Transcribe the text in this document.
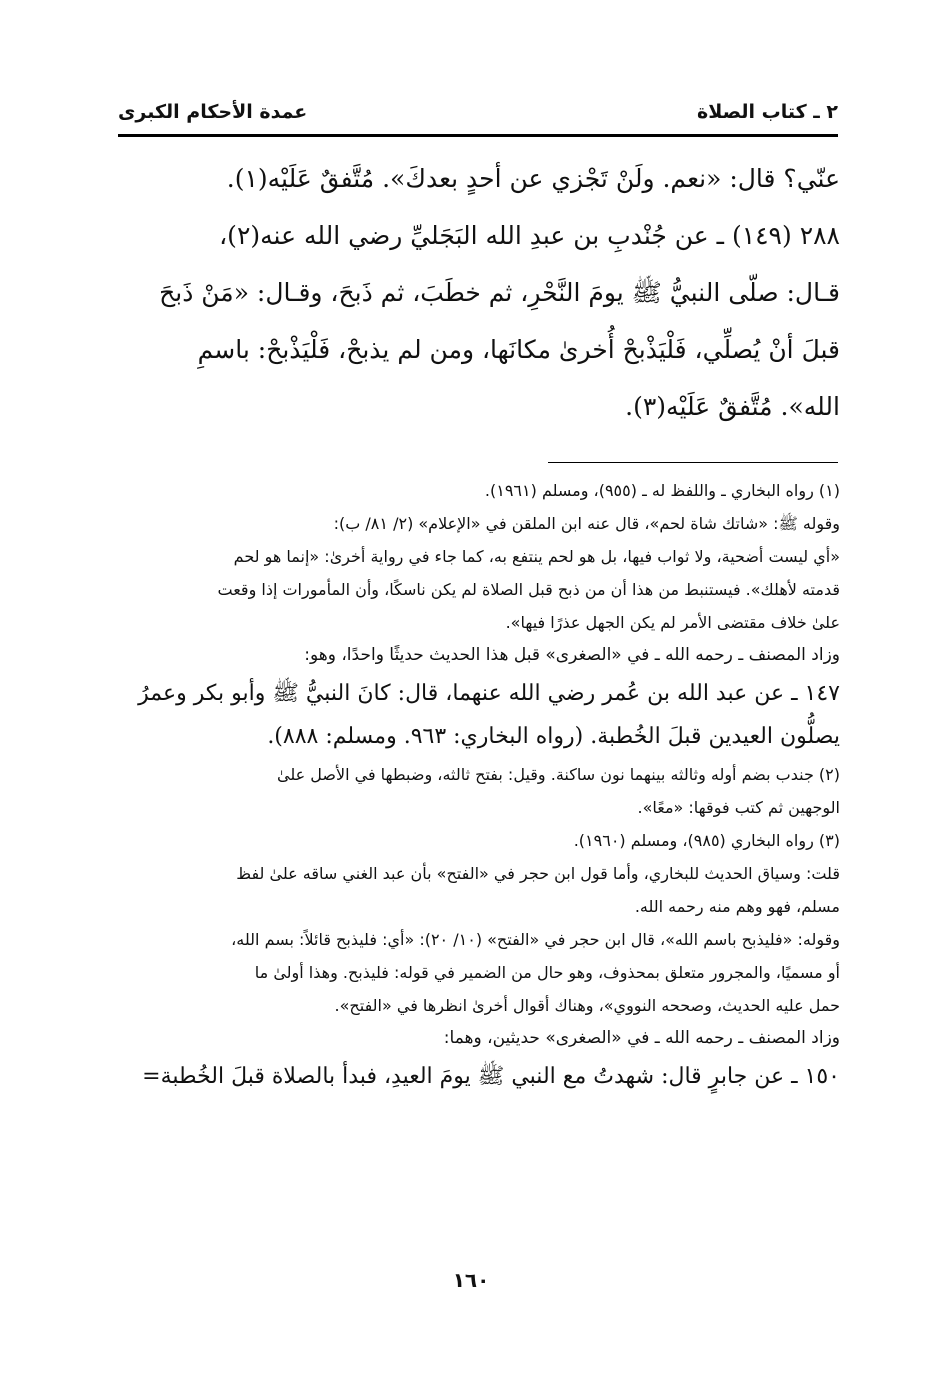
٢ ـ كتاب الصلاة
عمدة الأحكام الكبرى

عنّي؟ قال: «نعم. ولَنْ تَجْزي عن أحدٍ بعدكَ». مُتَّفقٌ عَلَيْه(١).

٢٨٨ (١٤٩) ـ عن جُنْدبِ بن عبدِ الله البَجَليِّ رضي الله عنه(٢)،

قـال: صلّى النبيُّ ﷺ يومَ النَّحْرِ، ثم خطَبَ، ثم ذَبحَ، وقـال: «مَنْ ذَبحَ

قبلَ أنْ يُصلِّي، فَلْيَذْبحْ أُخرىٰ مكانَها، ومن لم يذبحْ، فَلْيَذْبحْ: باسمِ

الله». مُتَّفقٌ عَلَيْه(٣).

(١) رواه البخاري ـ واللفظ له ـ (٩٥٥)، ومسلم (١٩٦١).

وقوله ﷺ: «شاتك شاة لحم»، قال عنه ابن الملقن في «الإعلام» (٢/ ٨١/ ب):

«أي ليست أضحية، ولا ثواب فيها، بل هو لحم ينتفع به، كما جاء في رواية أخرىٰ: «إنما هو لحم

قدمته لأهلك». فيستنبط من هذا أن من ذبح قبل الصلاة لم يكن ناسكًا، وأن المأمورات إذا وقعت

علىٰ خلاف مقتضى الأمر لم يكن الجهل عذرًا فيها».

وزاد المصنف ـ رحمه الله ـ في «الصغرى» قبل هذا الحديث حديثًا واحدًا، وهو:

١٤٧ ـ عن عبد الله بن عُمر رضي الله عنهما، قال: كانَ النبيُّ ﷺ وأبو بكر وعمرُ

يصلُّون العيدين قبلَ الخُطبة. (رواه البخاري: ٩٦٣. ومسلم: ٨٨٨).

(٢) جندب بضم أوله وثالثه بينهما نون ساكنة. وقيل: بفتح ثالثه، وضبطها في الأصل علىٰ

الوجهين ثم كتب فوقها: «معًا».

(٣) رواه البخاري (٩٨٥)، ومسلم (١٩٦٠).

قلت: وسياق الحديث للبخاري، وأما قول ابن حجر في «الفتح» بأن عبد الغني ساقه علىٰ لفظ

مسلم، فهو وهم منه رحمه الله.

وقوله: «فليذبح باسم الله»، قال ابن حجر في «الفتح» (١٠/ ٢٠): «أي: فليذبح قائلاً: بسم الله،

أو مسميًا، والمجرور متعلق بمحذوف، وهو حال من الضمير في قوله: فليذبح. وهذا أولىٰ ما

حمل عليه الحديث، وصححه النووي»، وهناك أقوال أخرىٰ انظرها في «الفتح».

وزاد المصنف ـ رحمه الله ـ في «الصغرى» حديثين، وهما:

١٥٠ ـ عن جابرٍ قال: شهدتُ مع النبي ﷺ يومَ العيدِ، فبدأ بالصلاة قبلَ الخُطبة=

١٦٠
